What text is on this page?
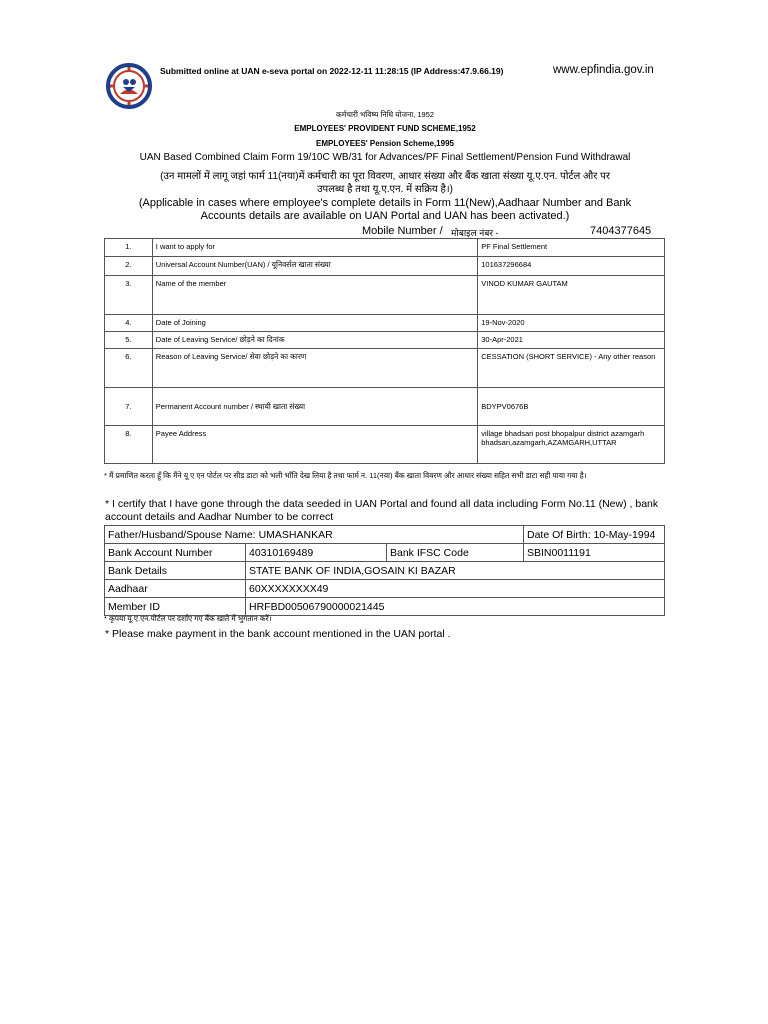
Submitted online at UAN e-seva portal on 2022-12-11 11:28:15 (IP Address:47.9.66.19)	www.epfindia.gov.in
कर्मचारी भविष्य निधि योजना, 1952
EMPLOYEES' PROVIDENT FUND SCHEME,1952
EMPLOYEES' Pension Scheme,1995
UAN Based Combined Claim Form 19/10C WB/31 for Advances/PF Final Settlement/Pension Fund Withdrawal
(उन मामलों में लागू जहां फार्म 11(नया)में कर्मचारी का पूरा विवरण, आधार संख्या और बैंक खाता संख्या यू.ए.एन. पोर्टल और पर
उपलब्ध है तथा यू.ए.एन. में सक्रिय है।)
(Applicable in cases where employee's complete details in Form 11(New),Aadhaar Number and Bank
Accounts details are available on UAN Portal and UAN has been activated.)
Mobile Number / मोबाइल नंबर -	7404377645
1.	I want to apply for	PF Final Settlement
2.	Universal Account Number(UAN) / यूनिवर्सल खाता संख्या	101637296684
3.	Name of the member	VINOD KUMAR GAUTAM
4.	Date of Joining	19-Nov-2020
5.	Date of Leaving Service/ छोड़ने का दिनांक	30-Apr-2021
6.	Reason of Leaving Service/ सेवा छोड़ने का कारण	CESSATION (SHORT SERVICE) - Any other reason
7.	Permanent Account number / स्थायी खाता संख्या	BDYPV0676B
8.	Payee Address	village bhadsari post bhopalpur district azamgarh bhadsari,azamgarh,AZAMGARH,UTTAR
* मैं प्रमाणित करता हूँ कि मैंने यू ए एन पोर्टल पर सीड डाटा को भली भाँति देख लिया है तथा फार्म न. 11(नया) बैंक खाता विवरण और आधार संख्या सहित सभी डाटा सही पाया गया है।
* I certify that I have gone through the data seeded in UAN Portal and found all data including Form No.11 (New) , bank account details and Aadhar Number to be correct
Father/Husband/Spouse Name: UMASHANKAR			Date Of Birth: 10-May-1994
Bank Account Number	40310169489	Bank IFSC Code	SBIN0011191
Bank Details	STATE BANK OF INDIA,GOSAIN KI BAZAR		
Aadhaar	60XXXXXXXX49		
Member ID	HRFBD00506790000021445		
* कृपया यू.ए.एन.पोर्टल पर दर्शाए गए बैंक खाते में भुगतान करें।
* Please make payment in the bank account mentioned in the UAN portal .
